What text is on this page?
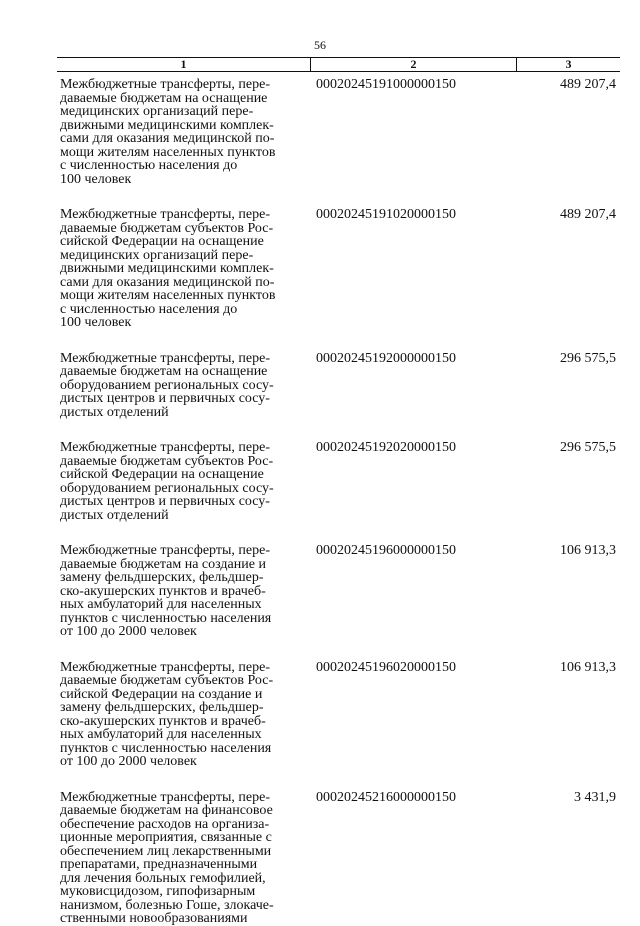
56
1	2	3
Межбюджетные трансферты, пере-
даваемые бюджетам на оснащение
медицинских организаций пере-
движными медицинскими комплек-
сами для оказания медицинской по-
мощи жителям населенных пунктов
с численностью населения до
100 человек
00020245191000000150	489 207,4
Межбюджетные трансферты, пере-
даваемые бюджетам субъектов Рос-
сийской Федерации на оснащение
медицинских организаций пере-
движными медицинскими комплек-
сами для оказания медицинской по-
мощи жителям населенных пунктов
с численностью населения до
100 человек
00020245191020000150	489 207,4
Межбюджетные трансферты, пере-
даваемые бюджетам на оснащение
оборудованием региональных сосу-
дистых центров и первичных сосу-
дистых отделений
00020245192000000150	296 575,5
Межбюджетные трансферты, пере-
даваемые бюджетам субъектов Рос-
сийской Федерации на оснащение
оборудованием региональных сосу-
дистых центров и первичных сосу-
дистых отделений
00020245192020000150	296 575,5
Межбюджетные трансферты, пере-
даваемые бюджетам на создание и
замену фельдшерских, фельдшер-
ско-акушерских пунктов и врачеб-
ных амбулаторий для населенных
пунктов с численностью населения
от 100 до 2000 человек
00020245196000000150	106 913,3
Межбюджетные трансферты, пере-
даваемые бюджетам субъектов Рос-
сийской Федерации на создание и
замену фельдшерских, фельдшер-
ско-акушерских пунктов и врачеб-
ных амбулаторий для населенных
пунктов с численностью населения
от 100 до 2000 человек
00020245196020000150	106 913,3
Межбюджетные трансферты, пере-
даваемые бюджетам на финансовое
обеспечение расходов на организа-
ционные мероприятия, связанные с
обеспечением лиц лекарственными
препаратами, предназначенными
для лечения больных гемофилией,
муковисцидозом, гипофизарным
нанизмом, болезнью Гоше, злокаче-
ственными новообразованиями
00020245216000000150	3 431,9
